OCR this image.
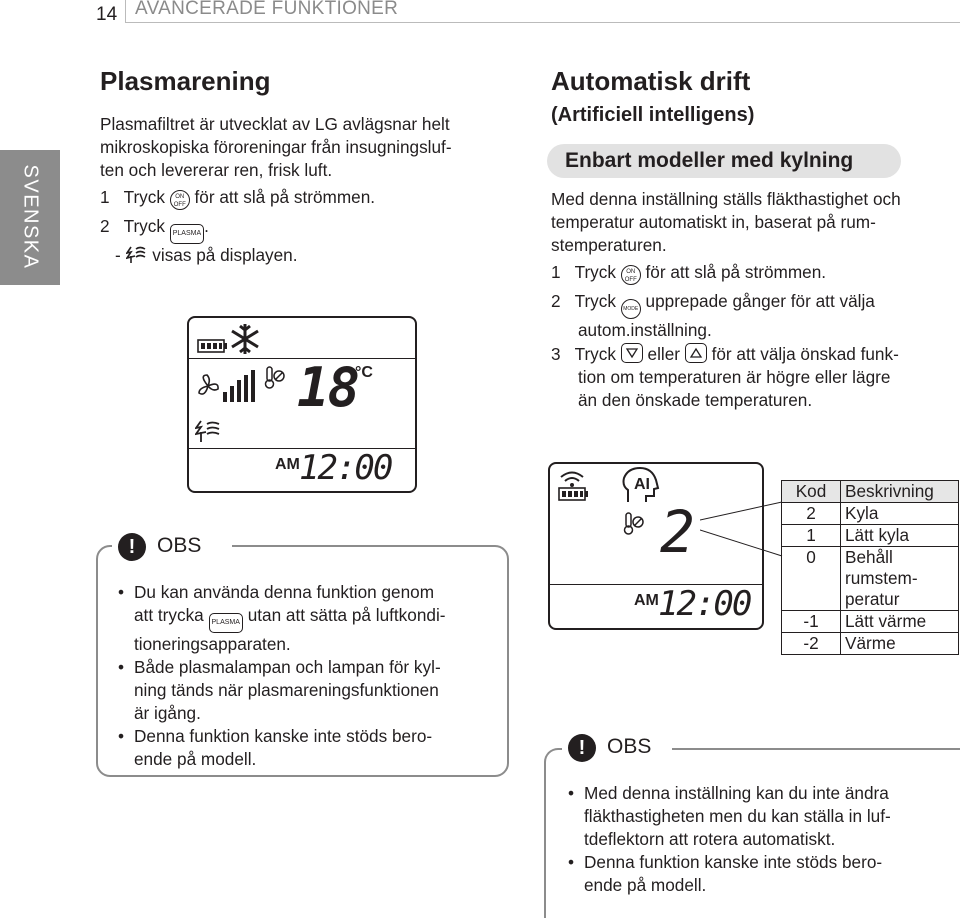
14 AVANCERADE FUNKTIONER
SVENSKA
Plasmarening
Plasmafiltret är utvecklat av LG avlägsnar helt
mikroskopiska föroreningar från insugningsluf-
ten och levererar ren, frisk luft.
1 Tryck ON OFF för att slå på strömmen.
2 Tryck PLASMA .
- visas på displayen.
18
°C
AM 12:00
!	OBS
• Du kan använda denna funktion genom
att trycka PLASMA utan att sätta på luftkondi-
tioneringsapparaten.
• Både plasmalampan och lampan för kyl-
ning tänds när plasmareningsfunktionen
är igång.
• Denna funktion kanske inte stöds bero-
ende på modell.
Automatisk drift
(Artificiell intelligens)
Enbart modeller med kylning
Med denna inställning ställs fläkthastighet och
temperatur automatiskt in, baserat på rum-
stemperaturen.
1 Tryck ON OFF för att slå på strömmen.
2 Tryck MODE upprepade gånger för att välja
autom.inställning.
3 Tryck eller för att välja önskad funk-
tion om temperaturen är högre eller lägre
än den önskade temperaturen.
AI
2
AM 12:00
Kod	Beskrivning
2	Kyla
1	Lätt kyla
0	Behåll
rumstem-
peratur

-1	Lätt värme
-2	Värme
!	OBS
• Med denna inställning kan du inte ändra
fläkthastigheten men du kan ställa in luf-
tdeflektorn att rotera automatiskt.
• Denna funktion kanske inte stöds bero-
ende på modell.
